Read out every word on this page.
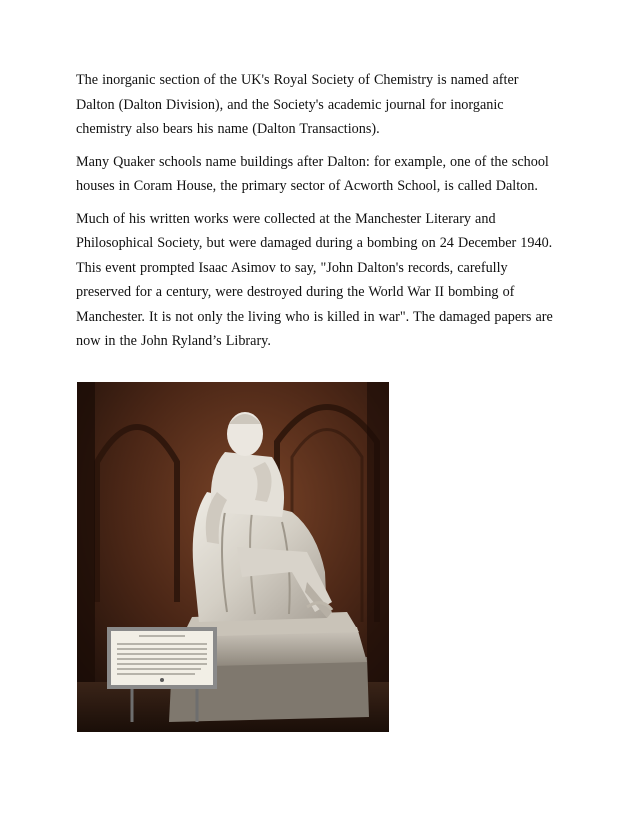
The inorganic section of the UK's Royal Society of Chemistry is named after
Dalton (Dalton Division), and the Society's academic journal for inorganic
chemistry also bears his name (Dalton Transactions).

Many Quaker schools name buildings after Dalton: for example, one of the school
houses in Coram House, the primary sector of Acworth School, is called Dalton.

Much of his written works were collected at the Manchester Literary and
Philosophical Society, but were damaged during a bombing on 24 December 1940.
This event prompted Isaac Asimov to say, "John Dalton's records, carefully
preserved for a century, were destroyed during the World War II bombing of
Manchester. It is not only the living who is killed in war". The damaged papers are
now in the John Ryland’s Library.
